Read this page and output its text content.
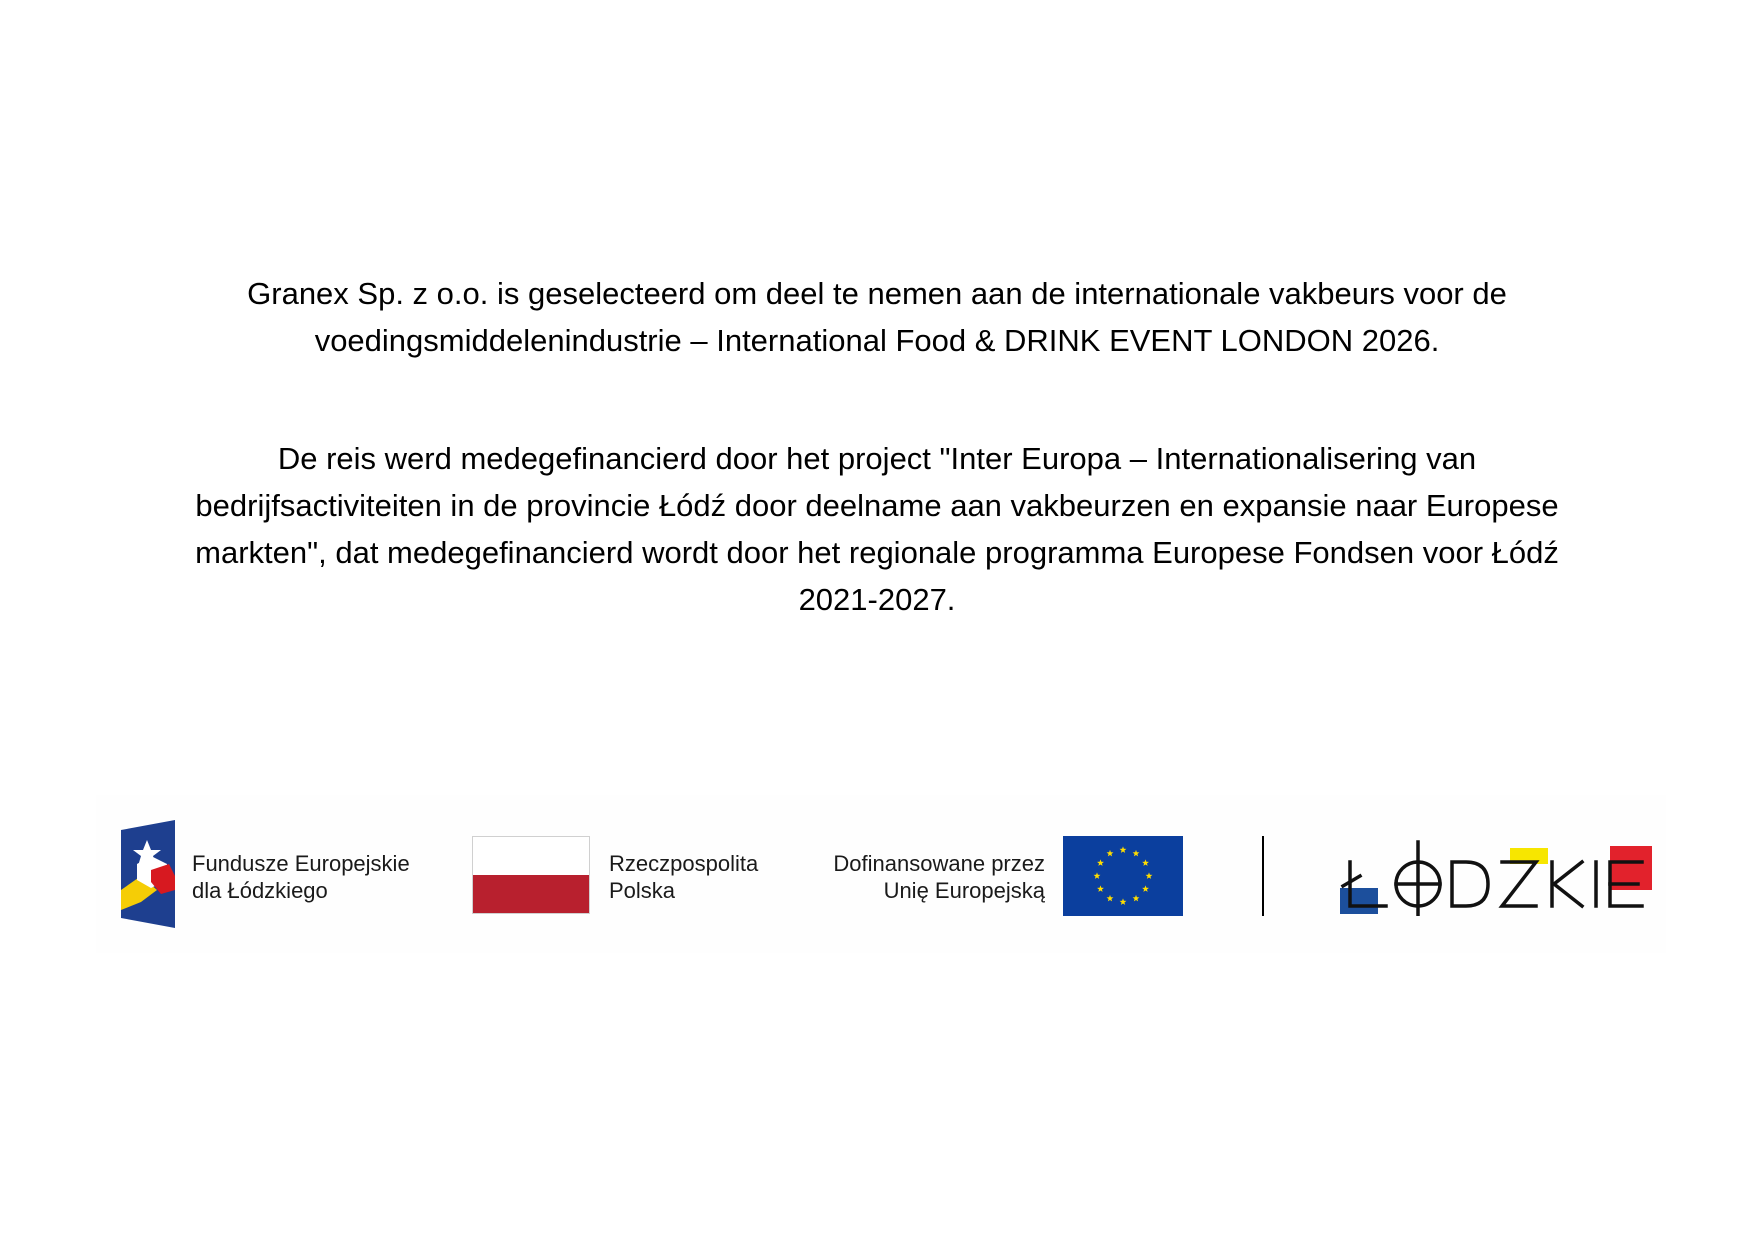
Granex Sp. z o.o. is geselecteerd om deel te nemen aan de internationale vakbeurs voor de
voedingsmiddelenindustrie – International Food & DRINK EVENT LONDON 2026.
De reis werd medegefinancierd door het project "Inter Europa – Internationalisering van
bedrijfsactiviteiten in de provincie Łódź door deelname aan vakbeurzen en expansie naar Europese
markten", dat medegefinancierd wordt door het regionale programma Europese Fondsen voor Łódź
2021-2027.

Fundusze Europejskie
dla Łódzkiego

Rzeczpospolita
Polska

Dofinansowane przez
Unię Europejską
